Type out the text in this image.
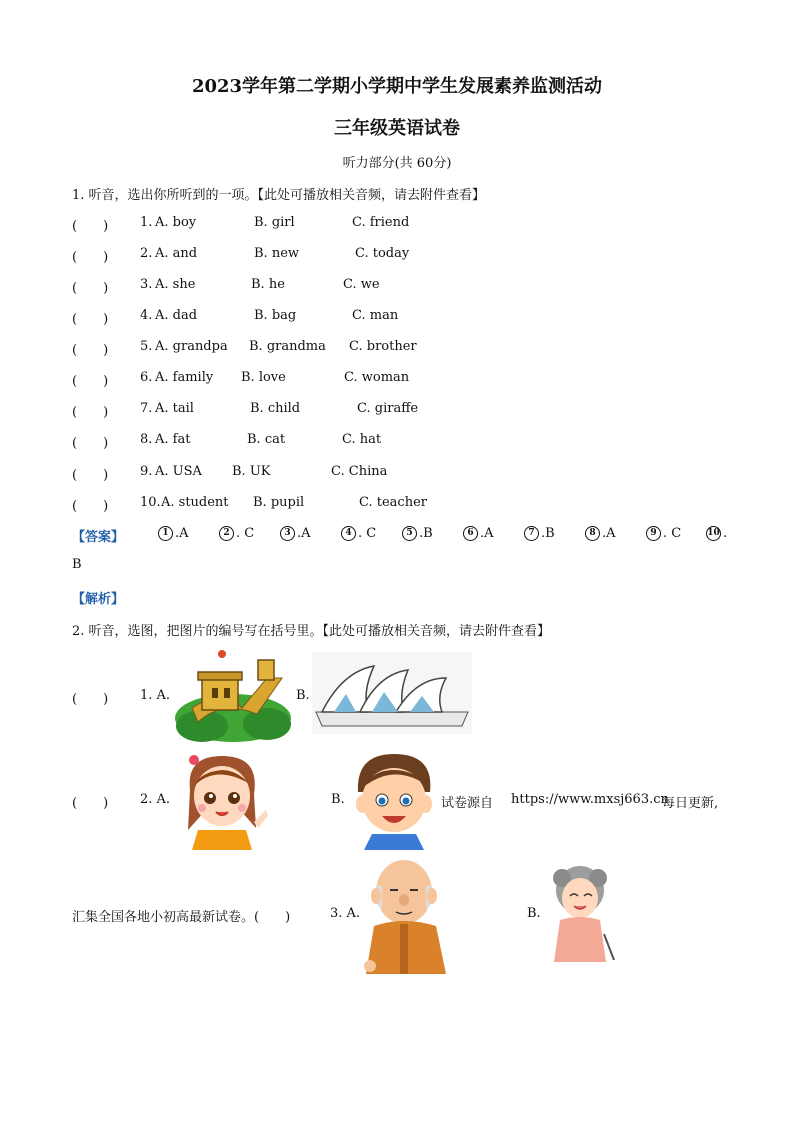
2023学年第二学期小学期中学生发展素养监测活动
三年级英语试卷
听力部分(共 60分)
1. 听音，选出你所听到的一项。【此处可播放相关音频，请去附件查看】
(　　) 1. A. boy	B. girl	C. friend
(　　) 2. A. and	B. new	C. today
(　　) 3. A. she	B. he	C. we
(　　) 4. A. dad	B. bag	C. man
(　　) 5. A. grandpa B. grandma C. brother
(　　) 6. A. family B. love	C. woman
(　　) 7. A. tail	B. child	C. giraffe
(　　) 8. A. fat	B. cat	C. hat
(　　) 9. A. USA B. UK	C. China
(　　) 10. A. student B. pupil	C. teacher
【答案】	1 .A	2 . C	3 .A	4 . C	5 .B	6 .A	7 .B	8 .A	9 . C	10 .
B
【解析】
2. 听音，选图，把图片的编号写在括号里。【此处可播放相关音频，请去附件查看】
(　　) 1. A.	B.
(　　) 2. A.	B.	试卷源自 https://www.mxsj663.cn
每日更新,
汇集全国各地小初高最新试卷。(　　)	3. A.	B.
